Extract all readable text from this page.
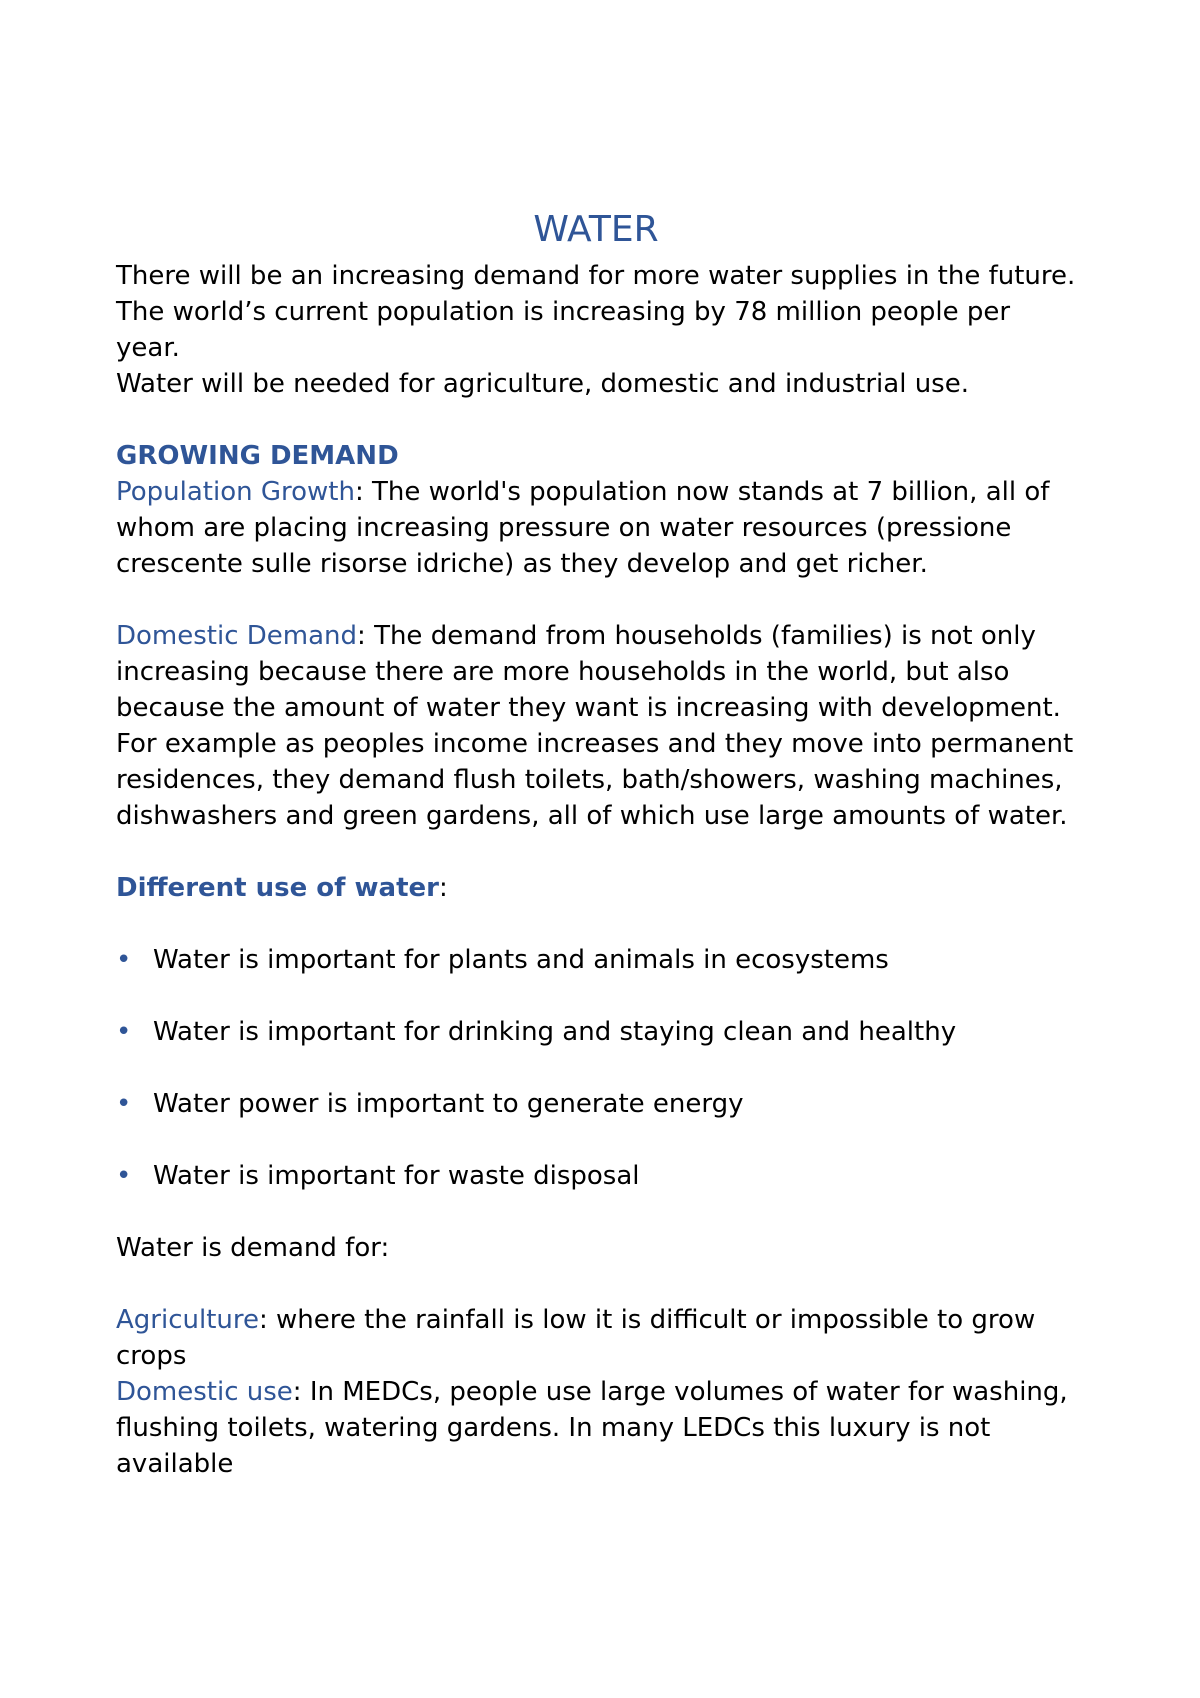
WATER

There will be an increasing demand for more water supplies in the future. The world’s current population is increasing by 78 million people per year.

Water will be needed for agriculture, domestic and industrial use.

GROWING DEMAND

Population Growth: The world's population now stands at 7 billion, all of whom are placing increasing pressure on water resources (pressione crescente sulle risorse idriche) as they develop and get richer.

Domestic Demand: The demand from households (families) is not only increasing because there are more households in the world, but also because the amount of water they want is increasing with development. For example as peoples income increases and they move into permanent residences, they demand flush toilets, bath/showers, washing machines, dishwashers and green gardens, all of which use large amounts of water.

Different use of water:

• Water is important for plants and animals in ecosystems
• Water is important for drinking and staying clean and healthy
• Water power is important to generate energy
• Water is important for waste disposal

Water is demand for:

Agriculture: where the rainfall is low it is difficult or impossible to grow crops

Domestic use: In MEDCs, people use large volumes of water for washing, flushing toilets, watering gardens. In many LEDCs this luxury is not available
